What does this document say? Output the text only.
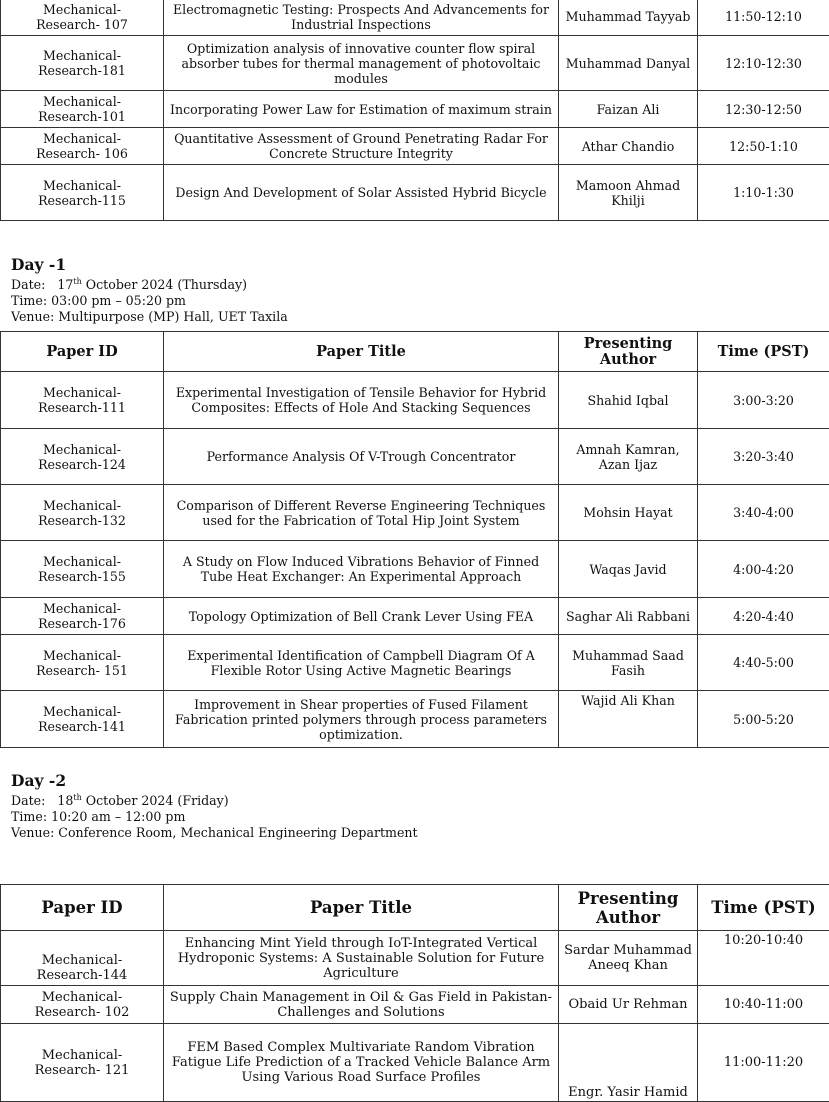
Mechanical-
Research- 107	Electromagnetic Testing: Prospects And Advancements for Industrial Inspections	Muhammad Tayyab	11:50-12:10
Mechanical-
Research-181	Optimization analysis of innovative counter flow spiral absorber tubes for thermal management of photovoltaic modules	Muhammad Danyal	12:10-12:30
Mechanical-
Research-101	Incorporating Power Law for Estimation of maximum strain	Faizan Ali	12:30-12:50
Mechanical-
Research- 106	Quantitative Assessment of Ground Penetrating Radar For Concrete Structure Integrity	Athar Chandio	12:50-1:10
Mechanical-
Research-115	Design And Development of Solar Assisted Hybrid Bicycle	Mamoon Ahmad Khilji	1:10-1:30
Day -1
Date: 17th October 2024 (Thursday)
Time: 03:00 pm – 05:20 pm
Venue: Multipurpose (MP) Hall, UET Taxila
Paper ID	Paper Title	Presenting Author	Time (PST)
Mechanical-
Research-111	Experimental Investigation of Tensile Behavior for Hybrid Composites: Effects of Hole And Stacking Sequences	Shahid Iqbal	3:00-3:20
Mechanical-
Research-124	Performance Analysis Of V-Trough Concentrator	Amnah Kamran, Azan Ijaz	3:20-3:40
Mechanical-
Research-132	Comparison of Different Reverse Engineering Techniques used for the Fabrication of Total Hip Joint System	Mohsin Hayat	3:40-4:00
Mechanical-
Research-155	A Study on Flow Induced Vibrations Behavior of Finned Tube Heat Exchanger: An Experimental Approach	Waqas Javid	4:00-4:20
Mechanical-
Research-176	Topology Optimization of Bell Crank Lever Using FEA	Saghar Ali Rabbani	4:20-4:40
Mechanical-
Research- 151	Experimental Identification of Campbell Diagram Of A Flexible Rotor Using Active Magnetic Bearings	Muhammad Saad Fasih	4:40-5:00
Mechanical-
Research-141	Improvement in Shear properties of Fused Filament Fabrication printed polymers through process parameters optimization.	Wajid Ali Khan	5:00-5:20
Day -2
Date: 18th October 2024 (Friday)
Time: 10:20 am – 12:00 pm
Venue: Conference Room, Mechanical Engineering Department
Paper ID	Paper Title	Presenting Author	Time (PST)
Mechanical-
Research-144	Enhancing Mint Yield through IoT-Integrated Vertical Hydroponic Systems: A Sustainable Solution for Future Agriculture	Sardar Muhammad Aneeq Khan	10:20-10:40
Mechanical-
Research- 102	Supply Chain Management in Oil & Gas Field in Pakistan-Challenges and Solutions	Obaid Ur Rehman	10:40-11:00
Mechanical-
Research- 121	FEM Based Complex Multivariate Random Vibration Fatigue Life Prediction of a Tracked Vehicle Balance Arm Using Various Road Surface Profiles	Engr. Yasir Hamid	11:00-11:20
